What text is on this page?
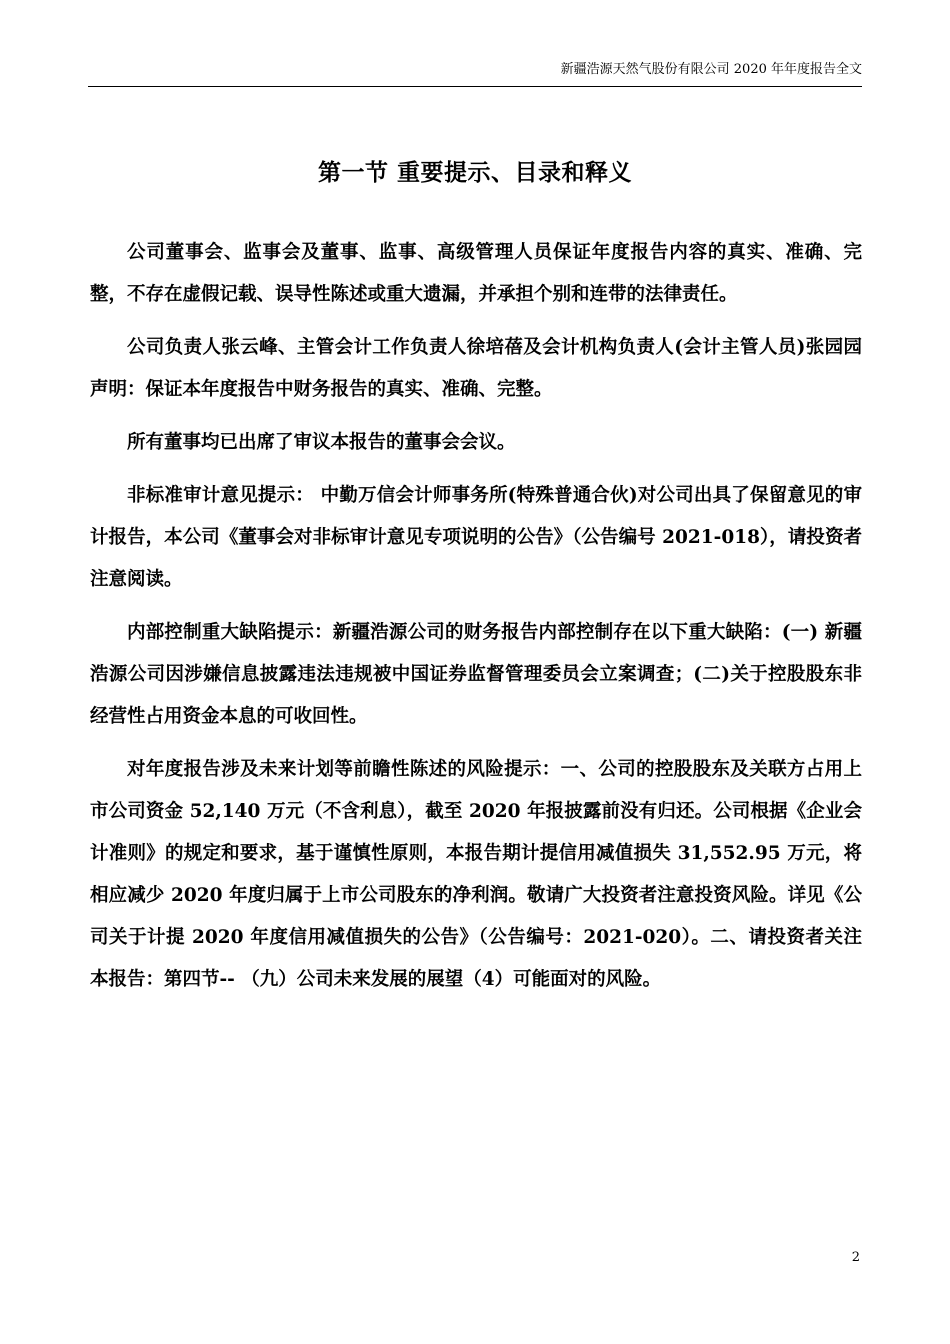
新疆浩源天然气股份有限公司 2020 年年度报告全文
第一节 重要提示、目录和释义

公司董事会、监事会及董事、监事、高级管理人员保证年度报告内容的真实、准确、完整，不存在虚假记载、误导性陈述或重大遗漏，并承担个别和连带的法律责任。

公司负责人张云峰、主管会计工作负责人徐培蓓及会计机构负责人(会计主管人员)张园园声明：保证本年度报告中财务报告的真实、准确、完整。

所有董事均已出席了审议本报告的董事会会议。

非标准审计意见提示： 中勤万信会计师事务所(特殊普通合伙)对公司出具了保留意见的审计报告，本公司《董事会对非标审计意见专项说明的公告》（公告编号 2021-018），请投资者注意阅读。

内部控制重大缺陷提示：新疆浩源公司的财务报告内部控制存在以下重大缺陷：(一) 新疆浩源公司因涉嫌信息披露违法违规被中国证券监督管理委员会立案调查；(二)关于控股股东非经营性占用资金本息的可收回性。

对年度报告涉及未来计划等前瞻性陈述的风险提示：一、公司的控股股东及关联方占用上市公司资金 52,140 万元（不含利息），截至 2020 年报披露前没有归还。公司根据《企业会计准则》的规定和要求，基于谨慎性原则，本报告期计提信用减值损失 31,552.95 万元，将相应减少 2020 年度归属于上市公司股东的净利润。敬请广大投资者注意投资风险。详见《公司关于计提 2020 年度信用减值损失的公告》（公告编号：2021-020）。二、请投资者关注本报告：第四节-- （九）公司未来发展的展望（4）可能面对的风险。

2
